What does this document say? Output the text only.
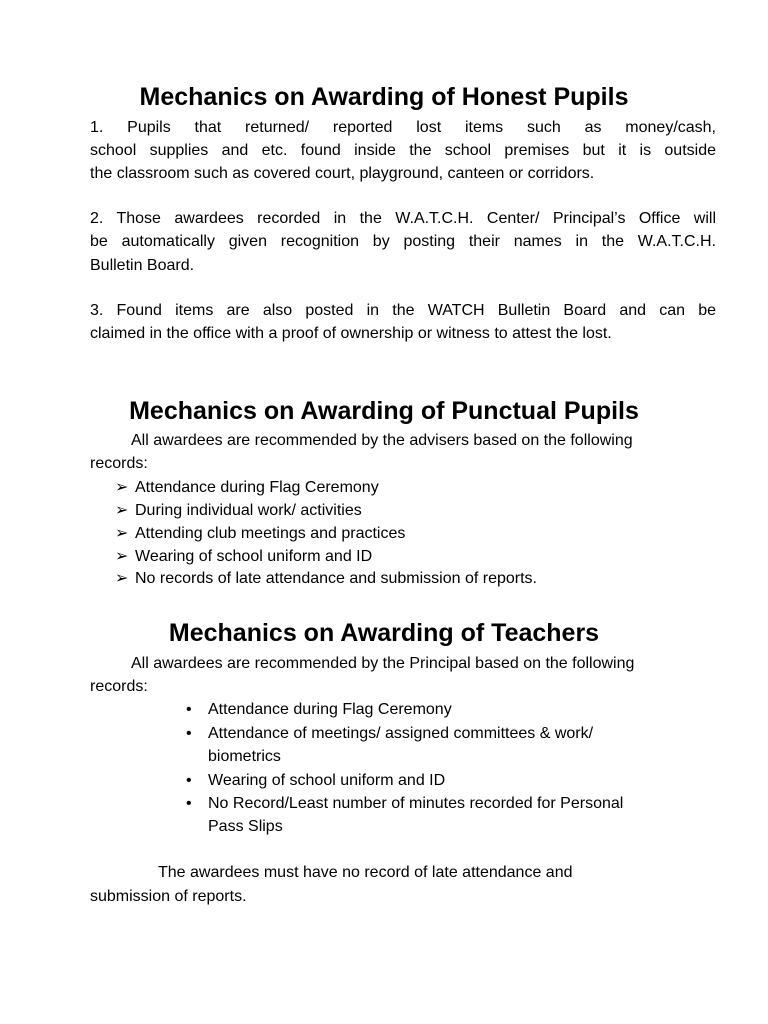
Mechanics on Awarding of Honest Pupils
1. Pupils that returned/ reported lost items such as money/cash,
school supplies and etc. found inside the school premises but it is outside
the classroom such as covered court, playground, canteen or corridors.
2. Those awardees recorded in the W.A.T.C.H. Center/ Principal’s Office will
be automatically given recognition by posting their names in the W.A.T.C.H.
Bulletin Board.
3. Found items are also posted in the WATCH Bulletin Board and can be
claimed in the office with a proof of ownership or witness to attest the lost.
Mechanics on Awarding of Punctual Pupils
All awardees are recommended by the advisers based on the following
records:
➢ Attendance during Flag Ceremony
➢ During individual work/ activities
➢ Attending club meetings and practices
➢ Wearing of school uniform and ID
➢ No records of late attendance and submission of reports.
Mechanics on Awarding of Teachers
All awardees are recommended by the Principal based on the following
records:
• Attendance during Flag Ceremony
• Attendance of meetings/ assigned committees & work/
biometrics
• Wearing of school uniform and ID
• No Record/Least number of minutes recorded for Personal
Pass Slips
The awardees must have no record of late attendance and
submission of reports.
